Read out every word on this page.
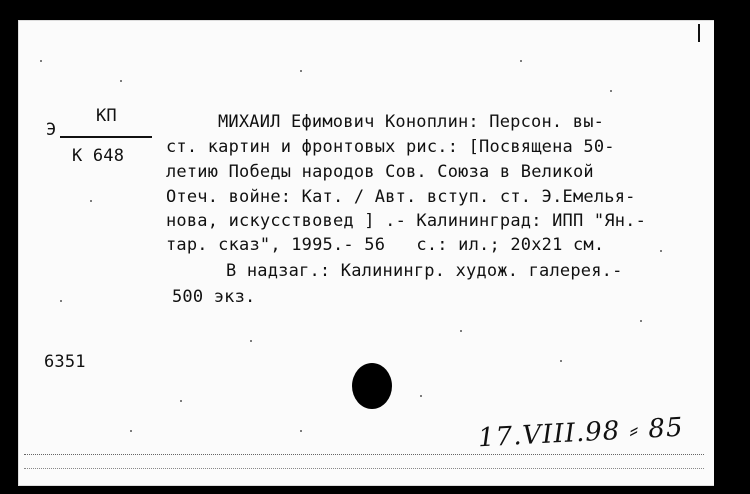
Э
КП
К 648
МИХАИЛ Ефимович Коноплин: Персон. вы-
ст. картин и фронтовых рис.: [Посвящена 50-
летию Победы народов Сов. Союза в Великой
Отеч. войне: Кат. / Авт. вступ. ст. Э.Емелья-
нова, искусствовед ] .- Калининград: ИПП "Ян.-
тар. сказ", 1995.- 56   с.: ил.; 20х21 см.
В надзаг.: Калинингр. худож. галерея.-
500 экз.
6351
17.VIII.98 ⸗ 85
